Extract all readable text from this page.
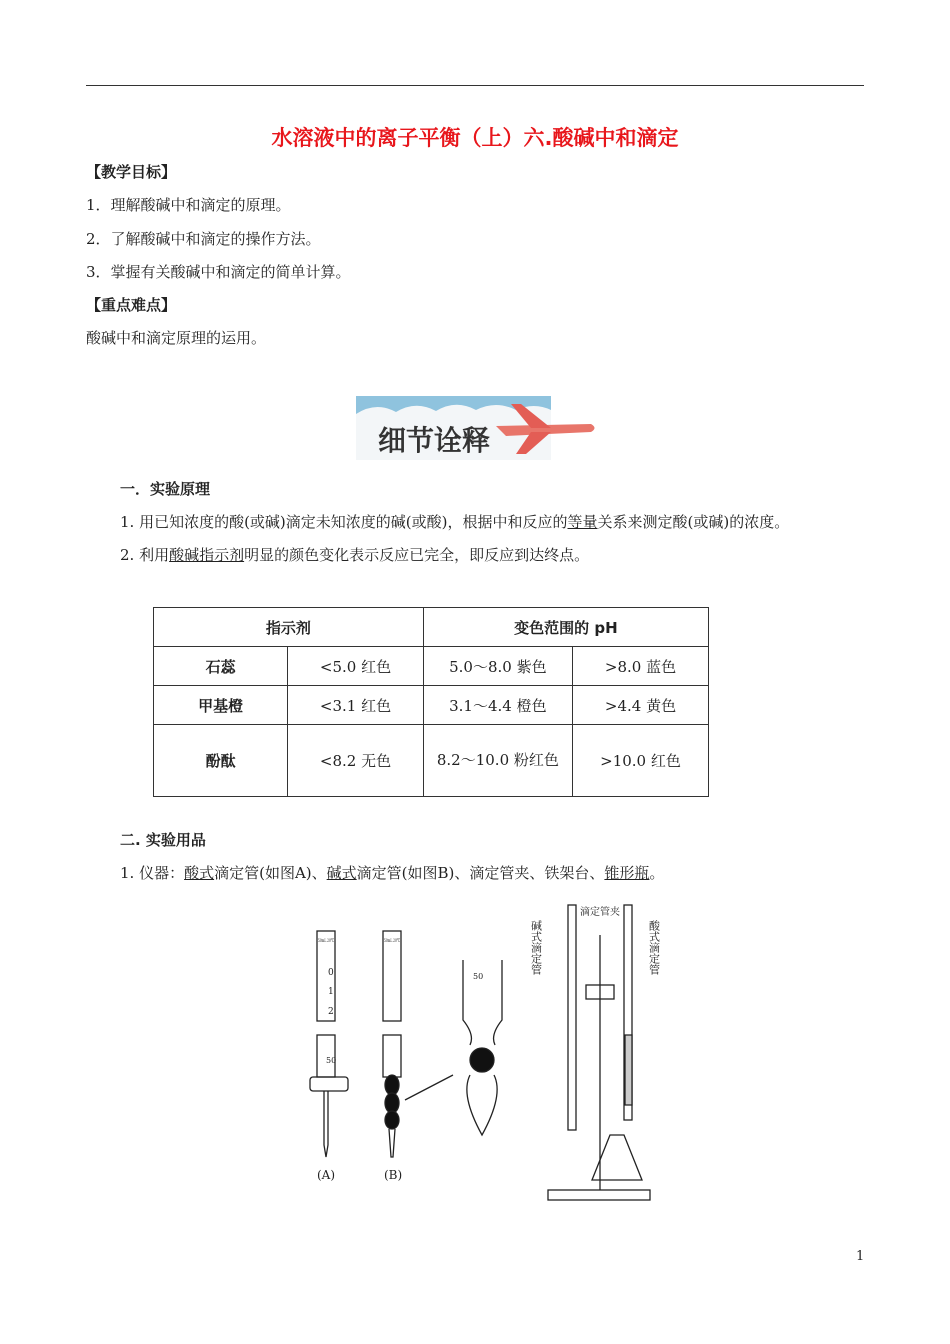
水溶液中的离子平衡（上）六.酸碱中和滴定
【教学目标】
1．理解酸碱中和滴定的原理。
2．了解酸碱中和滴定的操作方法。
3．掌握有关酸碱中和滴定的简单计算。
【重点难点】
酸碱中和滴定原理的运用。
细节诠释
一．实验原理
1. 用已知浓度的酸(或碱)滴定未知浓度的碱(或酸)，根据中和反应的等量关系来测定酸(或碱)的浓度。
2. 利用酸碱指示剂明显的颜色变化表示反应已完全，即反应到达终点。
指示剂		变色范围的 pH	
石蕊	<5.0 红色	5.0～8.0 紫色	>8.0 蓝色
甲基橙	<3.1 红色	3.1～4.4 橙色	>4.4 黄色
酚酞	<8.2 无色	8.2～10.0 粉红色	>10.0 红色
二. 实验用品
1. 仪器：酸式滴定管(如图A)、碱式滴定管(如图B)、滴定管夹、铁架台、锥形瓶。
50mL 20℃
0
1
2
50
(A)
50mL 20℃
(B)
50
碱式滴定管
滴定管夹
酸式滴定管
1
